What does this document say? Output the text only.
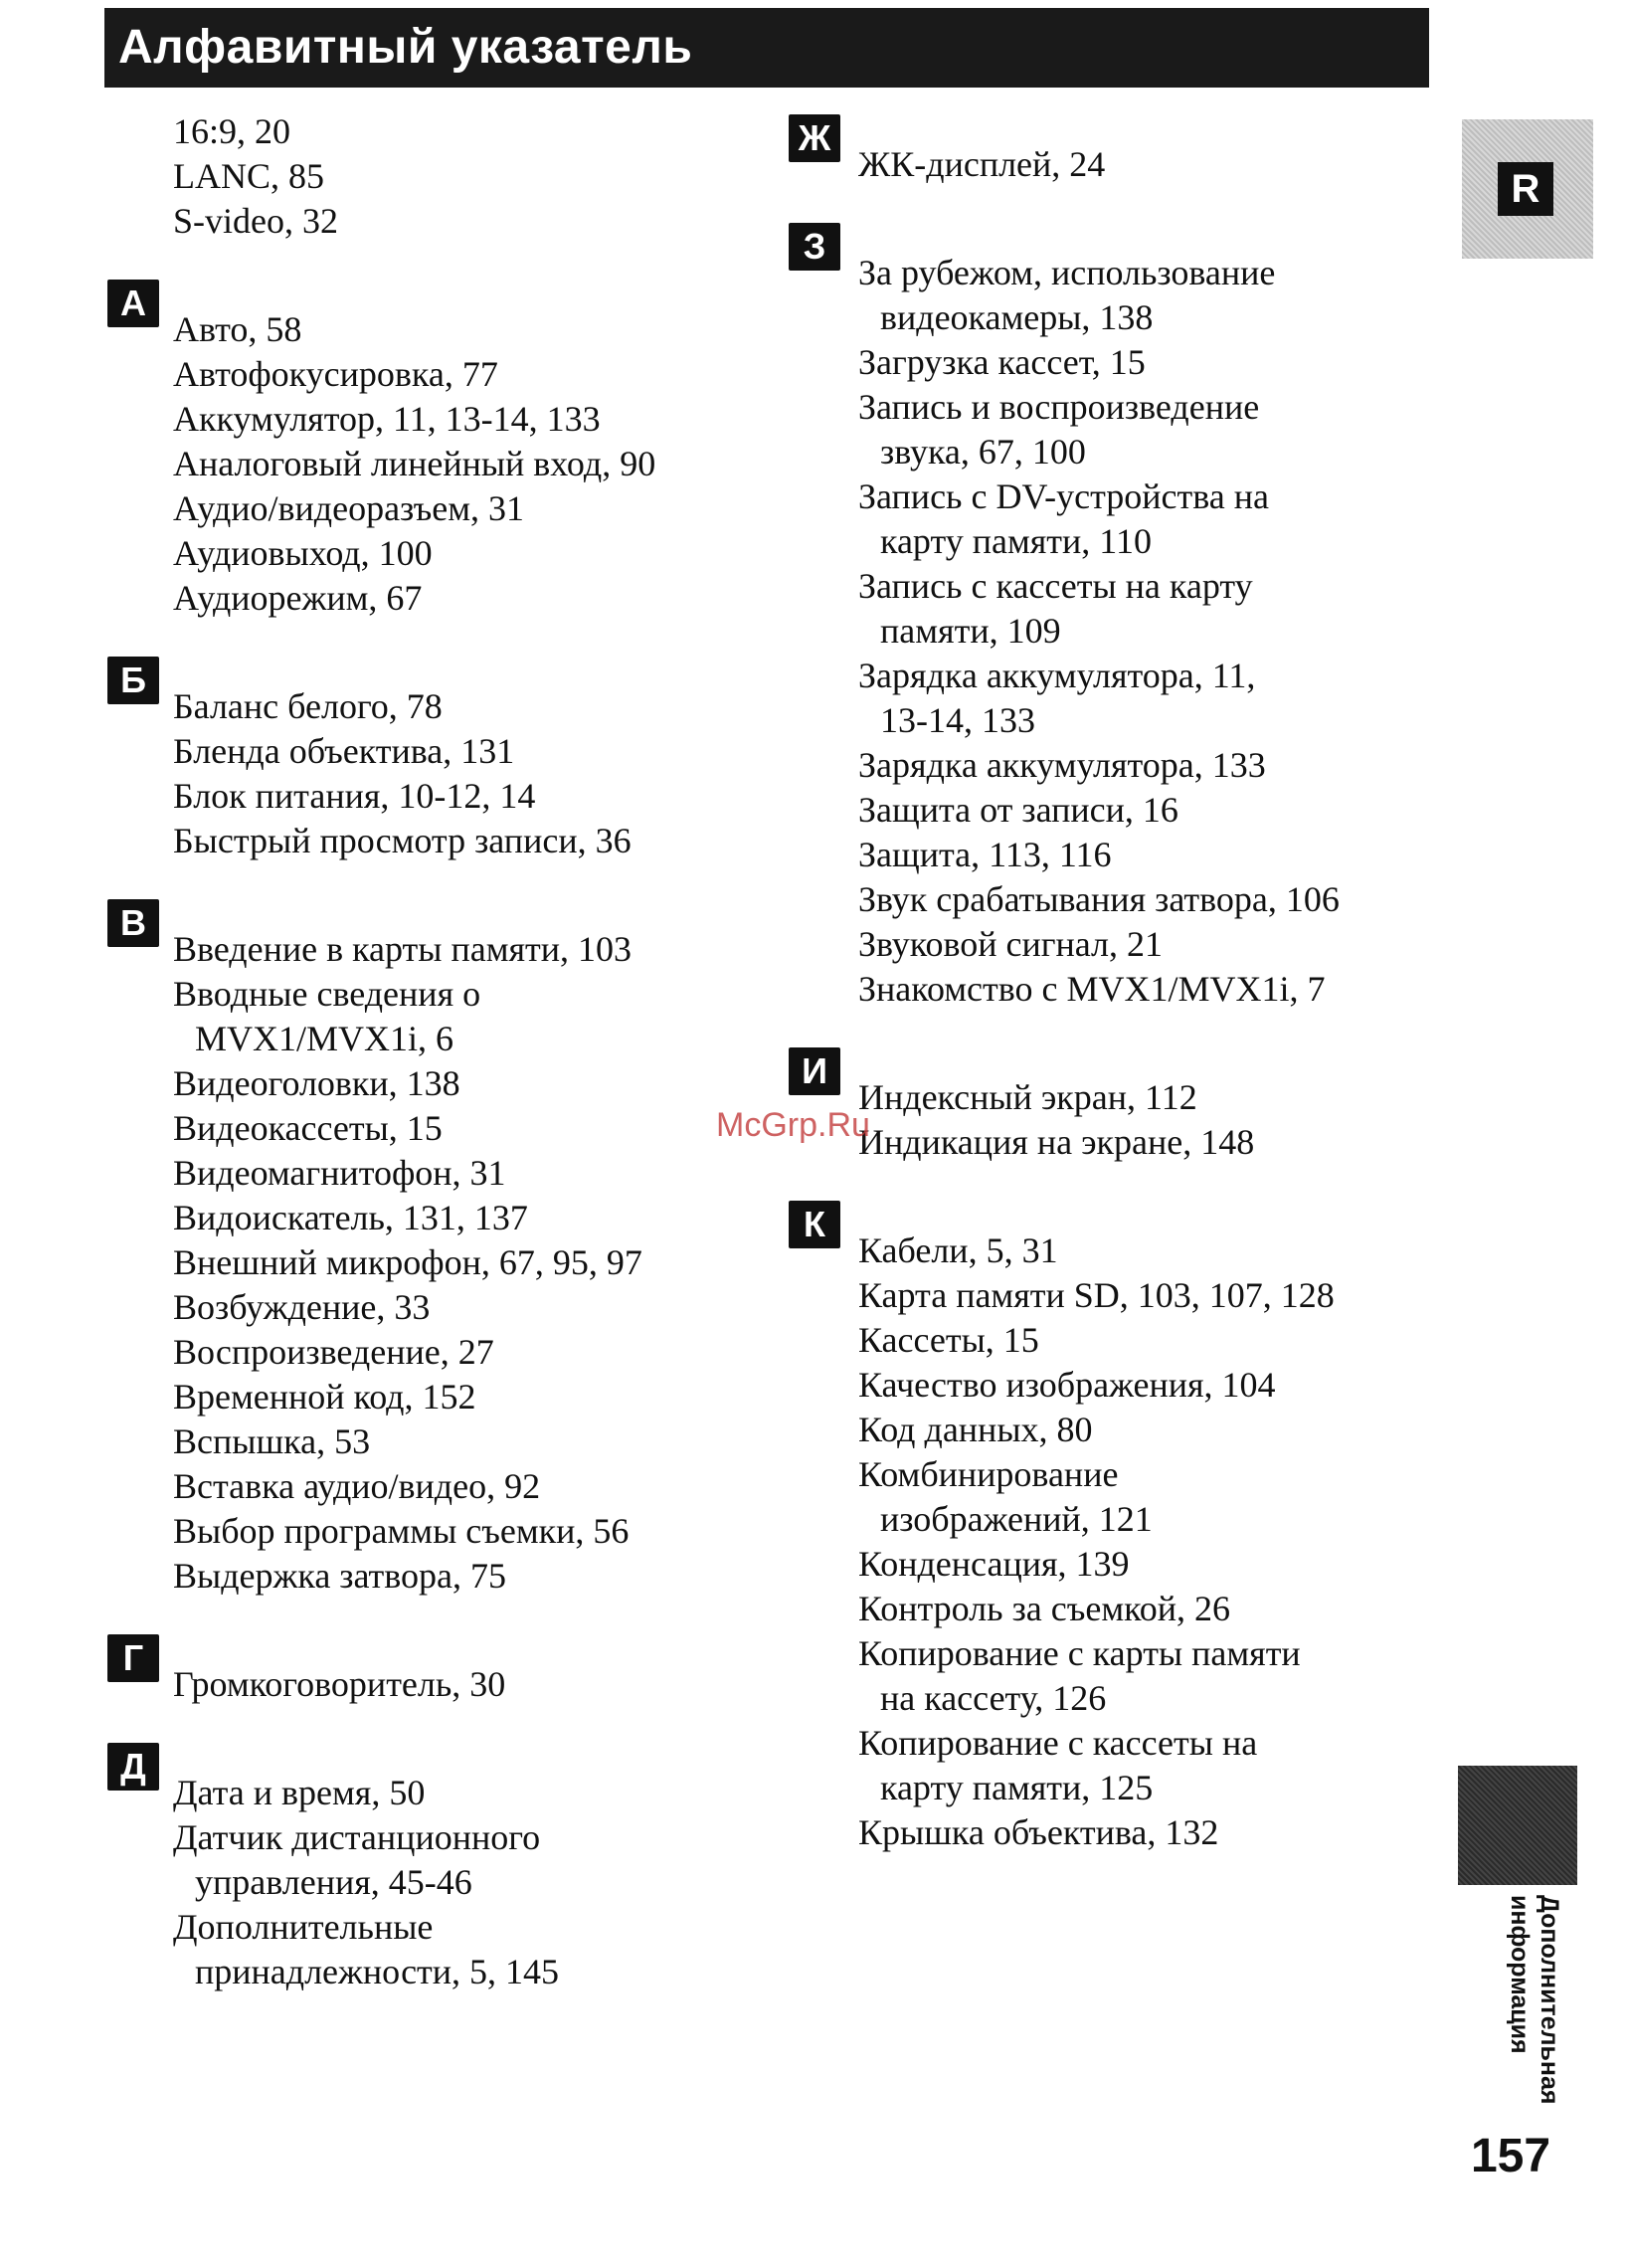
Алфавитный указатель
16:9, 20
LANC, 85
S-video, 32
А
Авто, 58
Автофокусировка, 77
Аккумулятор, 11, 13-14, 133
Аналоговый линейный вход, 90
Аудио/видеоразъем, 31
Аудиовыход, 100
Аудиорежим, 67
Б
Баланс белого, 78
Бленда объектива, 131
Блок питания, 10-12, 14
Быстрый просмотр записи, 36
В
Введение в карты памяти, 103
Вводные сведения о
MVX1/MVX1i, 6
Видеоголовки, 138
Видеокассеты, 15
Видеомагнитофон, 31
Видоискатель, 131, 137
Внешний микрофон, 67, 95, 97
Возбуждение, 33
Воспроизведение, 27
Временной код, 152
Вспышка, 53
Вставка аудио/видео, 92
Выбор программы съемки, 56
Выдержка затвора, 75
Г
Громкоговоритель, 30
Д
Дата и время, 50
Датчик дистанционного
управления, 45-46
Дополнительные
принадлежности, 5, 145
Ж
ЖК-дисплей, 24
З
За рубежом, использование
видеокамеры, 138
Загрузка кассет, 15
Запись и воспроизведение
звука, 67, 100
Запись с DV-устройства на
карту памяти, 110
Запись с кассеты на карту
памяти, 109
Зарядка аккумулятора, 11,
13-14, 133
Зарядка аккумулятора, 133
Защита от записи, 16
Защита, 113, 116
Звук срабатывания затвора, 106
Звуковой сигнал, 21
Знакомство с MVX1/MVX1i, 7
И
Индексный экран, 112
Индикация на экране, 148
К
Кабели, 5, 31
Карта памяти SD, 103, 107, 128
Кассеты, 15
Качество изображения, 104
Код данных, 80
Комбинирование
изображений, 121
Конденсация, 139
Контроль за съемкой, 26
Копирование с карты памяти
на кассету, 126
Копирование с кассеты на
карту памяти, 125
Крышка объектива, 132
R
Дополнительная информация
157
McGrp.Ru
